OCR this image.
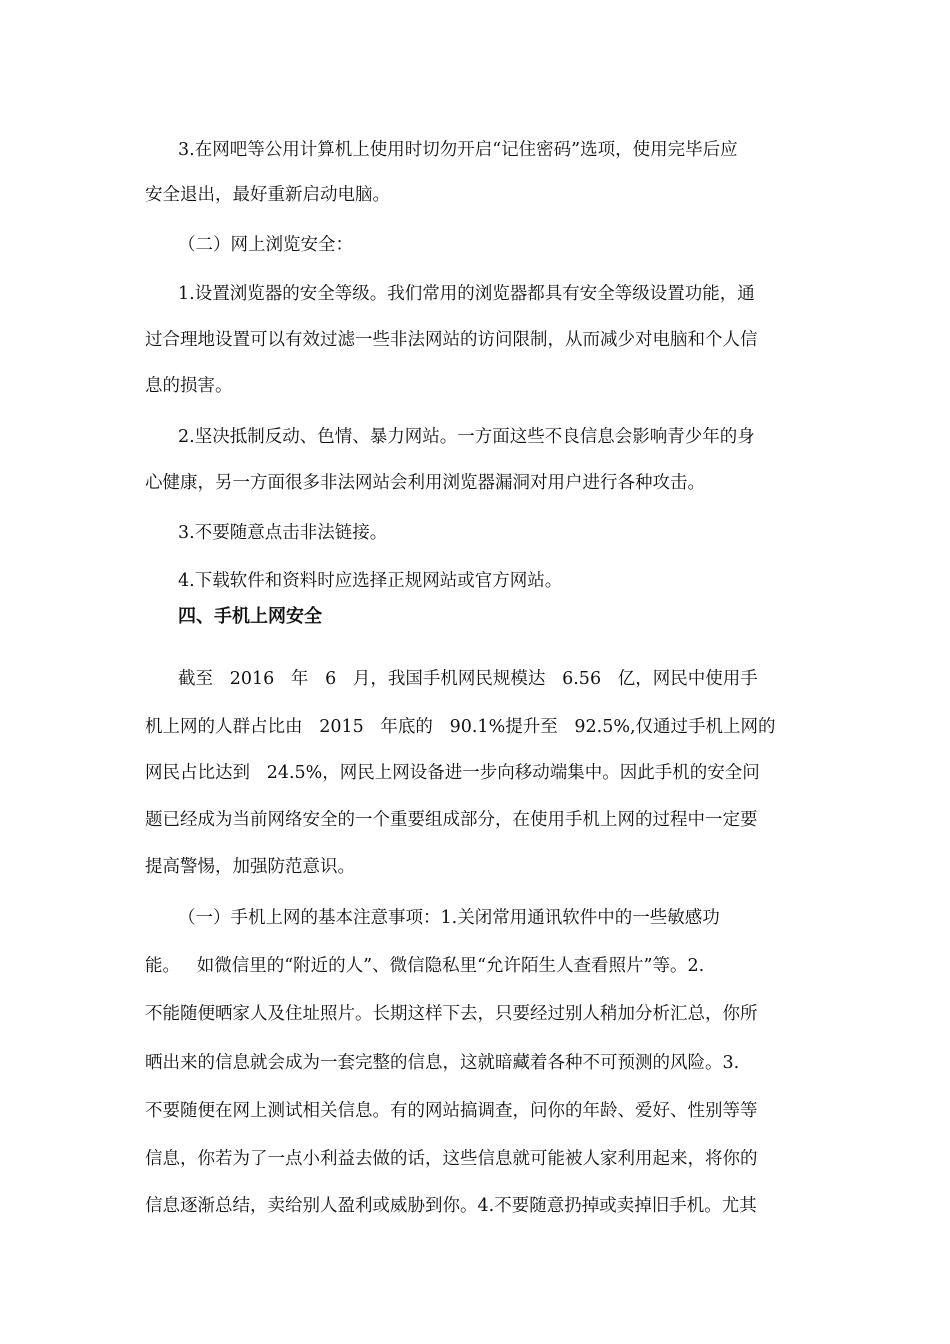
3.在网吧等公用计算机上使用时切勿开启“记住密码”选项，使用完毕后应

安全退出，最好重新启动电脑。

（二）网上浏览安全：

1.设置浏览器的安全等级。我们常用的浏览器都具有安全等级设置功能，通

过合理地设置可以有效过滤一些非法网站的访问限制，从而减少对电脑和个人信

息的损害。

2.坚决抵制反动、色情、暴力网站。一方面这些不良信息会影响青少年的身

心健康，另一方面很多非法网站会利用浏览器漏洞对用户进行各种攻击。

3.不要随意点击非法链接。

4.下载软件和资料时应选择正规网站或官方网站。

四、手机上网安全

截至   2016   年   6   月，我国手机网民规模达   6.56   亿，网民中使用手

机上网的人群占比由   2015   年底的   90.1%提升至   92.5%,仅通过手机上网的

网民占比达到   24.5%，网民上网设备进一步向移动端集中。因此手机的安全问

题已经成为当前网络安全的一个重要组成部分，在使用手机上网的过程中一定要

提高警惕，加强防范意识。

（一）手机上网的基本注意事项：1.关闭常用通讯软件中的一些敏感功

能。   如微信里的“附近的人”、微信隐私里“允许陌生人查看照片”等。2.

不能随便晒家人及住址照片。长期这样下去，只要经过别人稍加分析汇总，你所

晒出来的信息就会成为一套完整的信息，这就暗藏着各种不可预测的风险。3.

不要随便在网上测试相关信息。有的网站搞调查，问你的年龄、爱好、性别等等

信息，你若为了一点小利益去做的话，这些信息就可能被人家利用起来，将你的

信息逐渐总结，卖给别人盈利或威胁到你。4.不要随意扔掉或卖掉旧手机。尤其
